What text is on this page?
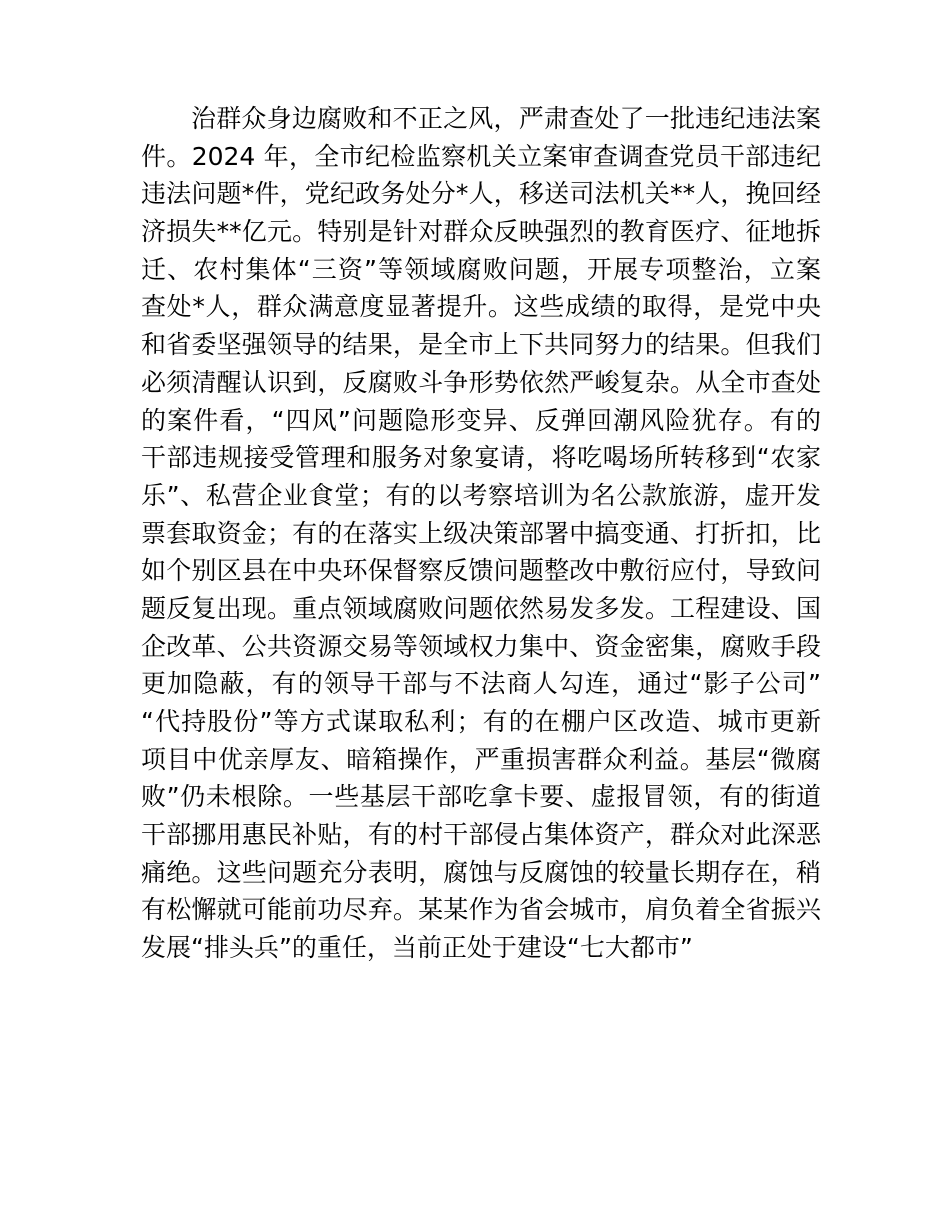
治群众身边腐败和不正之风，严肃查处了一批违纪违法案
件。2024 年，全市纪检监察机关立案审查调查党员干部违纪
违法问题*件，党纪政务处分*人，移送司法机关**人，挽回经
济损失**亿元。特别是针对群众反映强烈的教育医疗、征地拆
迁、农村集体“三资”等领域腐败问题，开展专项整治，立案
查处*人，群众满意度显著提升。这些成绩的取得，是党中央
和省委坚强领导的结果，是全市上下共同努力的结果。但我们
必须清醒认识到，反腐败斗争形势依然严峻复杂。从全市查处
的案件看，“四风”问题隐形变异、反弹回潮风险犹存。有的
干部违规接受管理和服务对象宴请，将吃喝场所转移到“农家
乐”、私营企业食堂；有的以考察培训为名公款旅游，虚开发
票套取资金；有的在落实上级决策部署中搞变通、打折扣，比
如个别区县在中央环保督察反馈问题整改中敷衍应付，导致问
题反复出现。重点领域腐败问题依然易发多发。工程建设、国
企改革、公共资源交易等领域权力集中、资金密集，腐败手段
更加隐蔽，有的领导干部与不法商人勾连，通过“影子公司”
“代持股份”等方式谋取私利；有的在棚户区改造、城市更新
项目中优亲厚友、暗箱操作，严重损害群众利益。基层“微腐
败”仍未根除。一些基层干部吃拿卡要、虚报冒领，有的街道
干部挪用惠民补贴，有的村干部侵占集体资产，群众对此深恶
痛绝。这些问题充分表明，腐蚀与反腐蚀的较量长期存在，稍
有松懈就可能前功尽弃。某某作为省会城市，肩负着全省振兴
发展“排头兵”的重任，当前正处于建设“七大都市”
